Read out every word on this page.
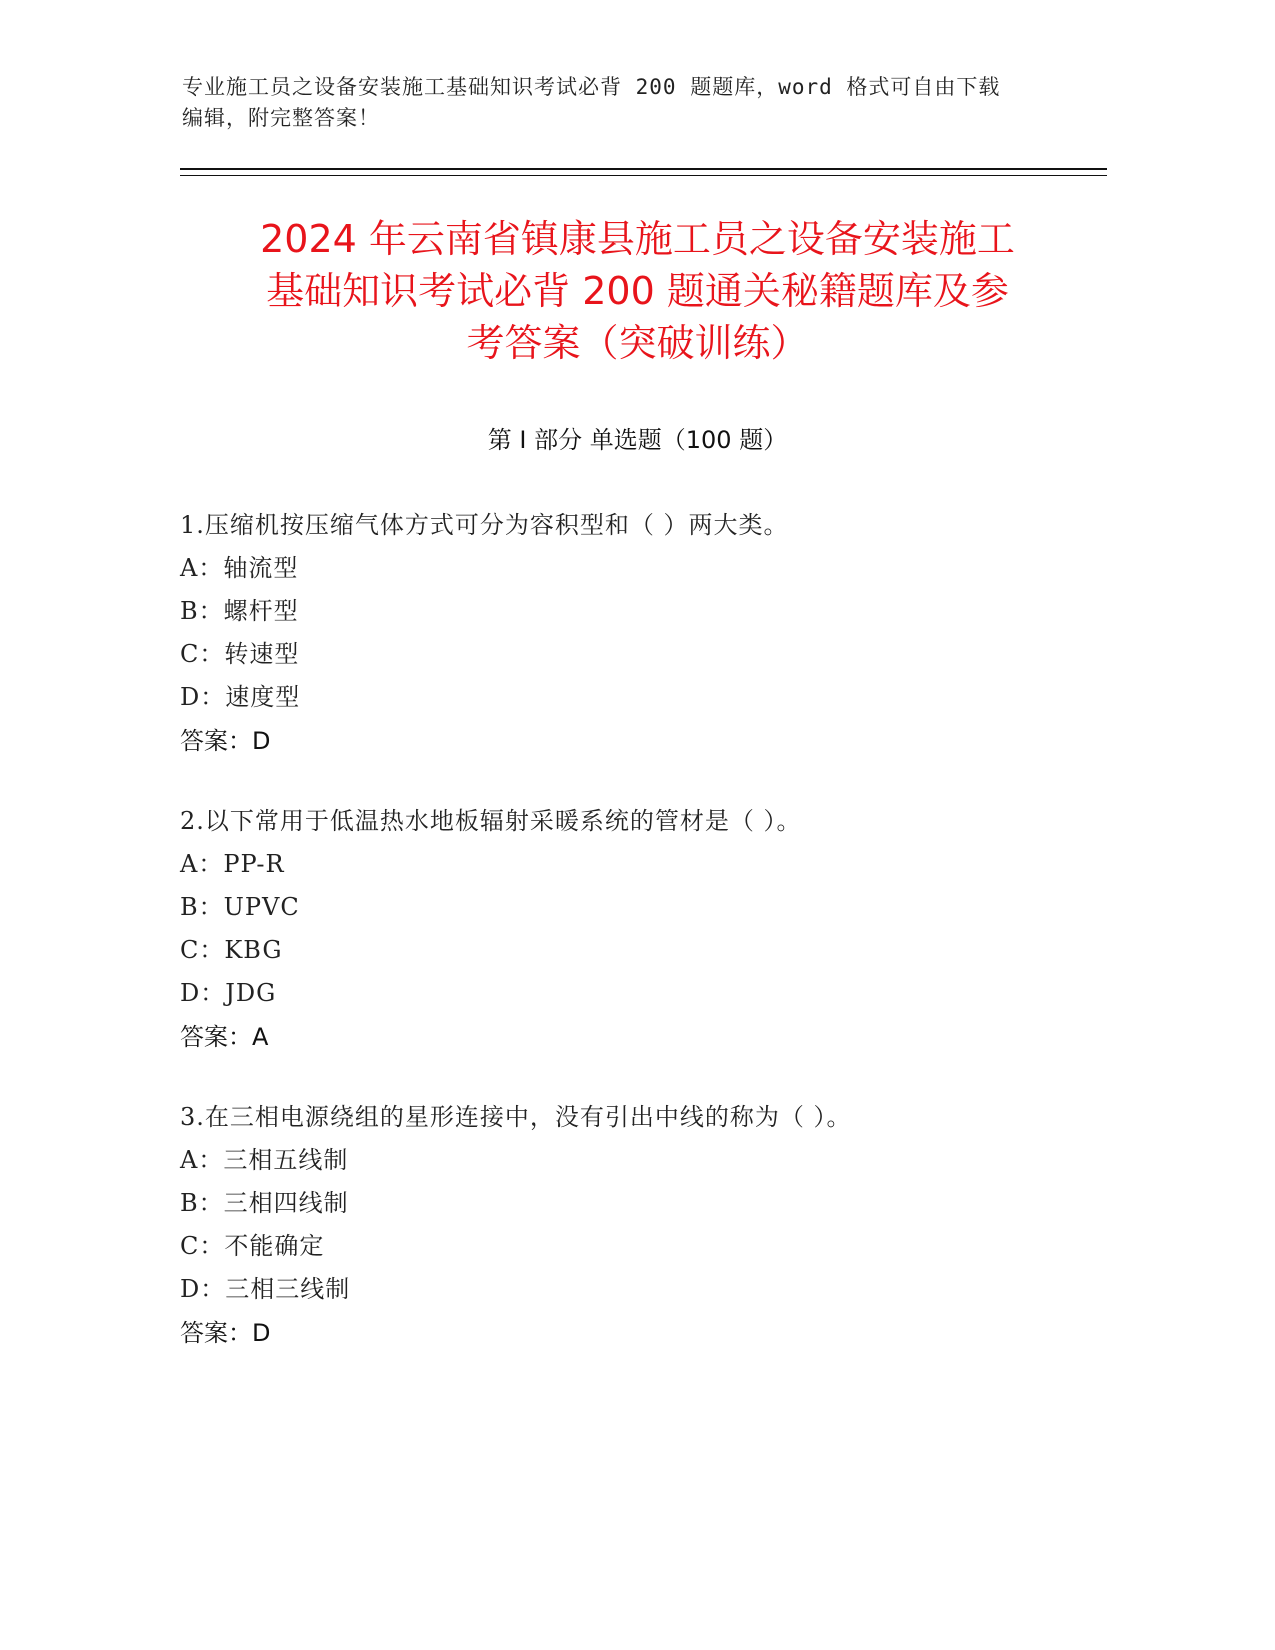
专业施工员之设备安装施工基础知识考试必背 200 题题库，word 格式可自由下载
编辑，附完整答案！
2024 年云南省镇康县施工员之设备安装施工
基础知识考试必背 200 题通关秘籍题库及参
考答案（突破训练）
第 I 部分 单选题（100 题）
1.压缩机按压缩气体方式可分为容积型和（ ）两大类。
A：轴流型
B：螺杆型
C：转速型
D：速度型
答案：D
2.以下常用于低温热水地板辐射采暖系统的管材是（ ）。
A：PP-R
B：UPVC
C：KBG
D：JDG
答案：A
3.在三相电源绕组的星形连接中，没有引出中线的称为（ ）。
A：三相五线制
B：三相四线制
C：不能确定
D：三相三线制
答案：D
